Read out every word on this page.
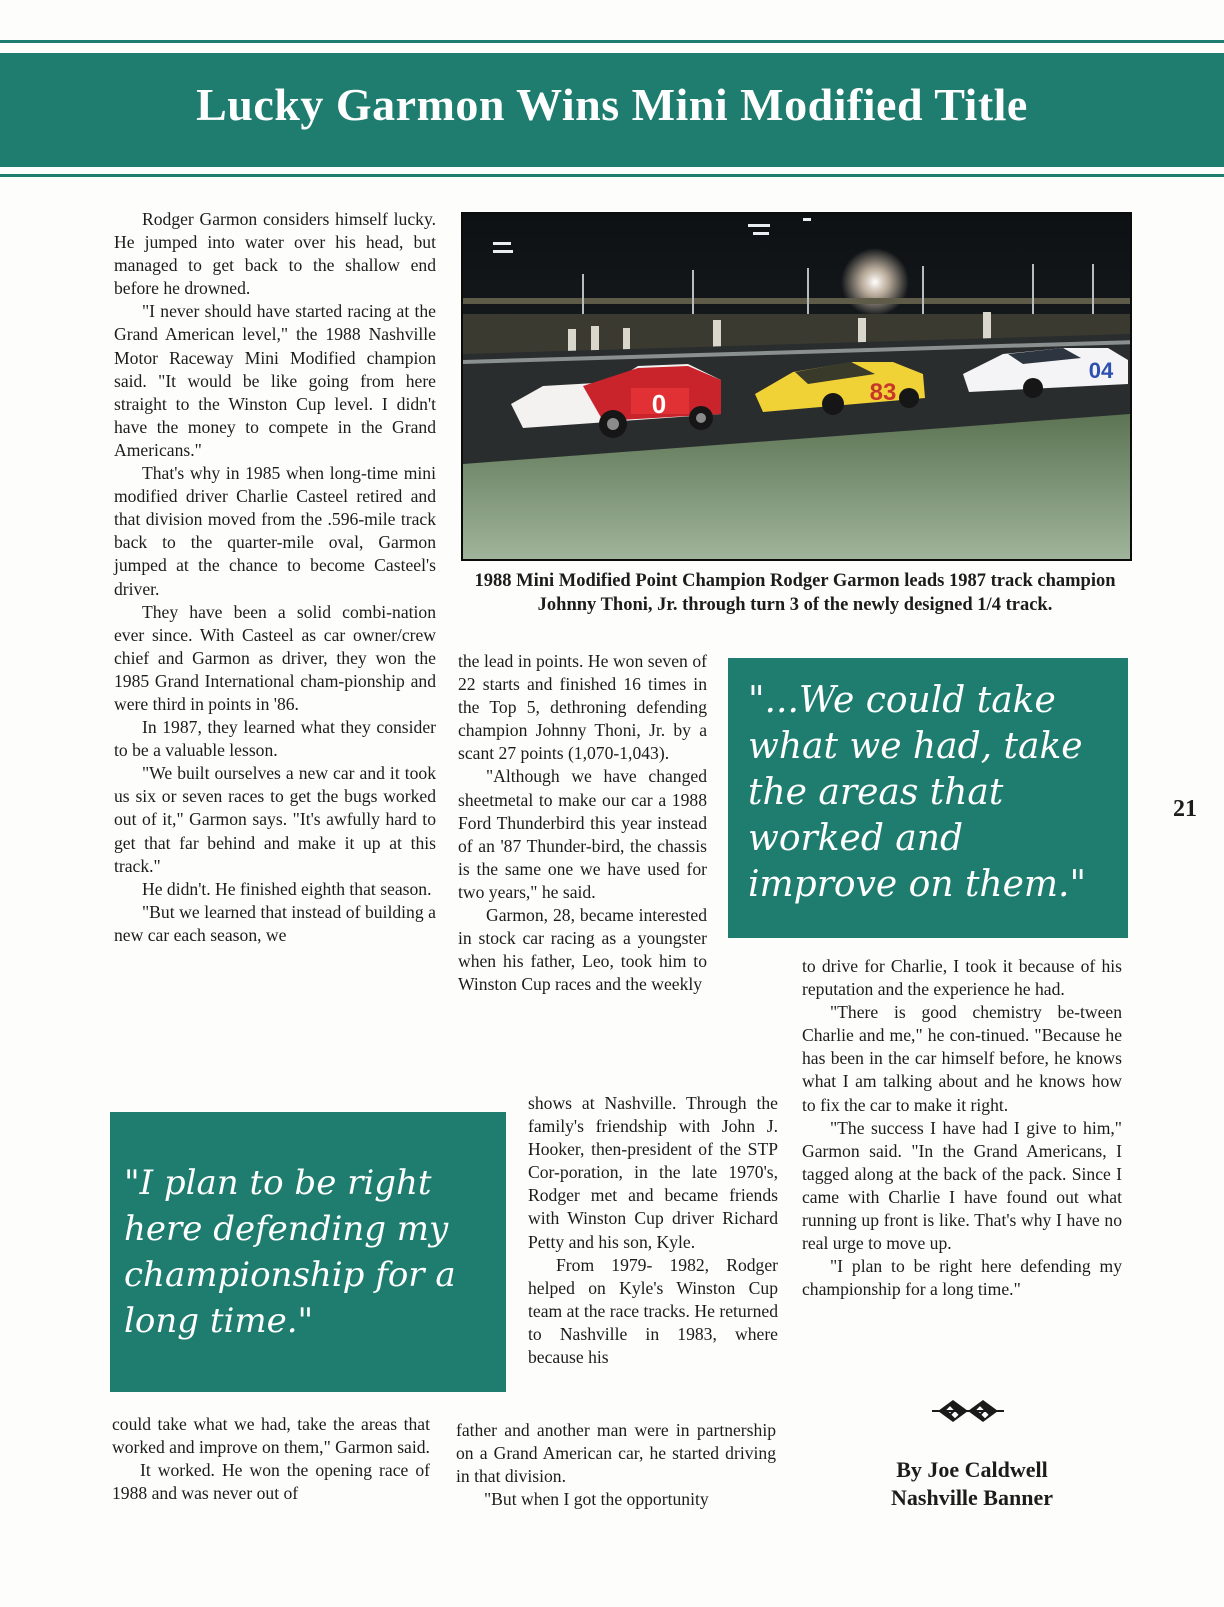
Lucky Garmon Wins Mini Modified Title

Rodger Garmon considers himself lucky. He jumped into water over his head, but managed to get back to the shallow end before he drowned.

"I never should have started racing at the Grand American level," the 1988 Nashville Motor Raceway Mini Modified champion said. "It would be like going from here straight to the Winston Cup level. I didn't have the money to compete in the Grand Americans."

That's why in 1985 when long-time mini modified driver Charlie Casteel retired and that division moved from the .596-mile track back to the quarter-mile oval, Garmon jumped at the chance to become Casteel's driver.

They have been a solid combi-nation ever since. With Casteel as car owner/crew chief and Garmon as driver, they won the 1985 Grand International cham-pionship and were third in points in '86.

In 1987, they learned what they consider to be a valuable lesson.

"We built ourselves a new car and it took us six or seven races to get the bugs worked out of it," Garmon says. "It's awfully hard to get that far behind and make it up at this track."

He didn't. He finished eighth that season.

"But we learned that instead of building a new car each season, we

0	83
04
1988 Mini Modified Point Champion Rodger Garmon leads 1987 track champion Johnny Thoni, Jr. through turn 3 of the newly designed 1/4 track.

the lead in points. He won seven of 22 starts and finished 16 times in the Top 5, dethroning defending champion Johnny Thoni, Jr. by a scant 27 points (1,070-1,043).

"Although we have changed sheetmetal to make our car a 1988 Ford Thunderbird this year instead of an '87 Thunder-bird, the chassis is the same one we have used for two years," he said.

Garmon, 28, became interested in stock car racing as a youngster when his father, Leo, took him to Winston Cup races and the weekly

"...We could take what we had, take the areas that worked and improve on them."
21

to drive for Charlie, I took it because of his reputation and the experience he had.

"There is good chemistry be-tween Charlie and me," he con-tinued. "Because he has been in the car himself before, he knows what I am talking about and he knows how to fix the car to make it right.

"The success I have had I give to him," Garmon said. "In the Grand Americans, I tagged along at the back of the pack. Since I came with Charlie I have found out what running up front is like. That's why I have no real urge to move up.

"I plan to be right here defending my championship for a long time."

"I plan to be right here defending my championship for a long time."

shows at Nashville. Through the family's friendship with John J. Hooker, then-president of the STP Cor-poration, in the late 1970's, Rodger met and became friends with Winston Cup driver Richard Petty and his son, Kyle.

From 1979- 1982, Rodger helped on Kyle's Winston Cup team at the race tracks. He returned to Nashville in 1983, where because his

could take what we had, take the areas that worked and improve on them," Garmon said.

It worked. He won the opening race of 1988 and was never out of

father and another man were in partnership on a Grand American car, he started driving in that division.

"But when I got the opportunity

By Joe Caldwell
Nashville Banner
